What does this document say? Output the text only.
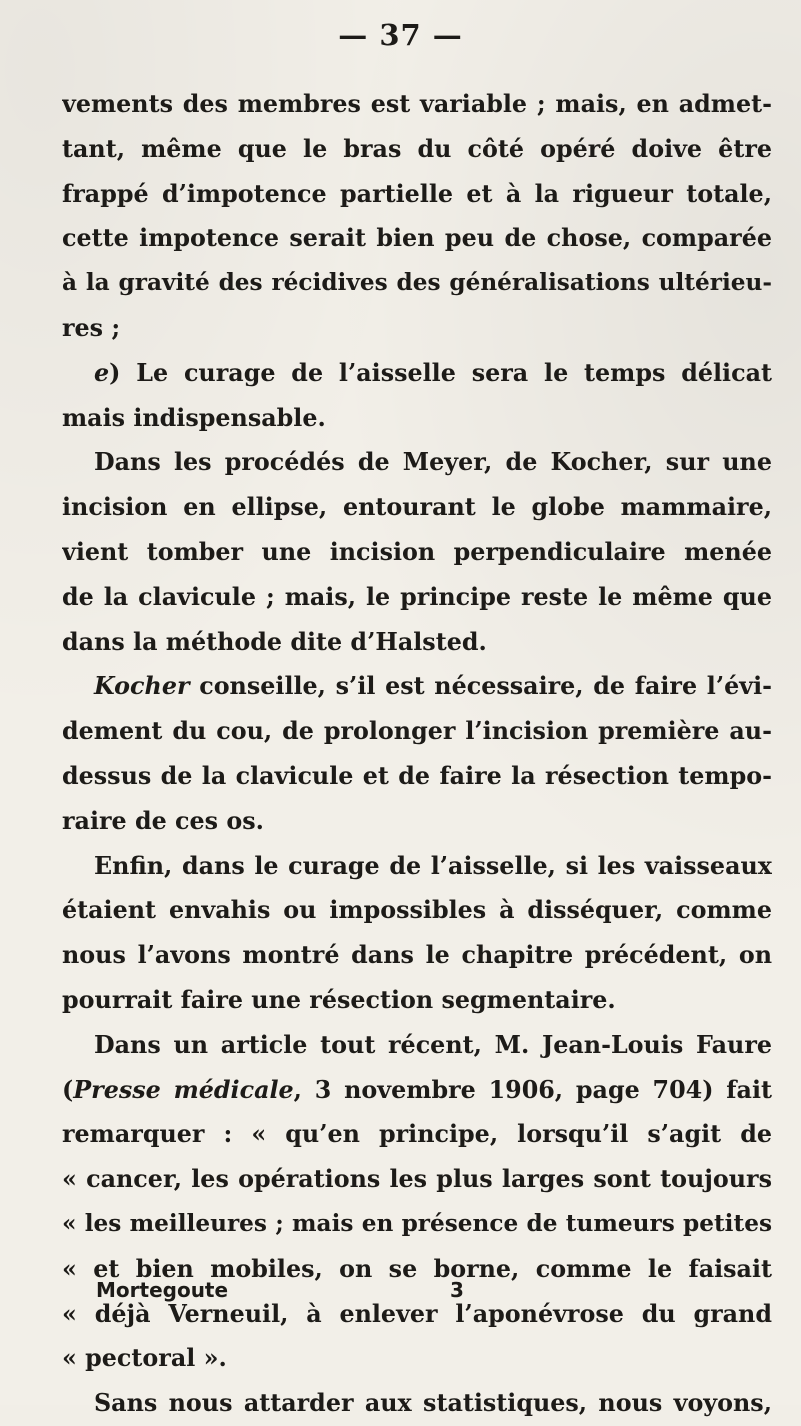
— 37 —
vements des membres est variable ; mais, en admet-
tant, même que le bras du côté opéré doive être
frappé d’impotence partielle et à la rigueur totale,
cette impotence serait bien peu de chose, comparée
à la gravité des récidives des généralisations ultérieu-
res ;
e) Le curage de l’aisselle sera le temps délicat
mais indispensable.
Dans les procédés de Meyer, de Kocher, sur une
incision en ellipse, entourant le globe mammaire,
vient tomber une incision perpendiculaire menée
de la clavicule ; mais, le principe reste le même que
dans la méthode dite d’Halsted.
Kocher conseille, s’il est nécessaire, de faire l’évi-
dement du cou, de prolonger l’incision première au-
dessus de la clavicule et de faire la résection tempo-
raire de ces os.
Enfin, dans le curage de l’aisselle, si les vaisseaux
étaient envahis ou impossibles à disséquer, comme
nous l’avons montré dans le chapitre précédent, on
pourrait faire une résection segmentaire.
Dans un article tout récent, M. Jean-Louis Faure
(Presse médicale, 3 novembre 1906, page 704) fait
remarquer : « qu’en principe, lorsqu’il s’agit de
« cancer, les opérations les plus larges sont toujours
« les meilleures ; mais en présence de tumeurs petites
« et bien mobiles, on se borne, comme le faisait
« déjà Verneuil, à enlever l’aponévrose du grand
« pectoral ».
Sans nous attarder aux statistiques, nous voyons,
Mortegoute	3
